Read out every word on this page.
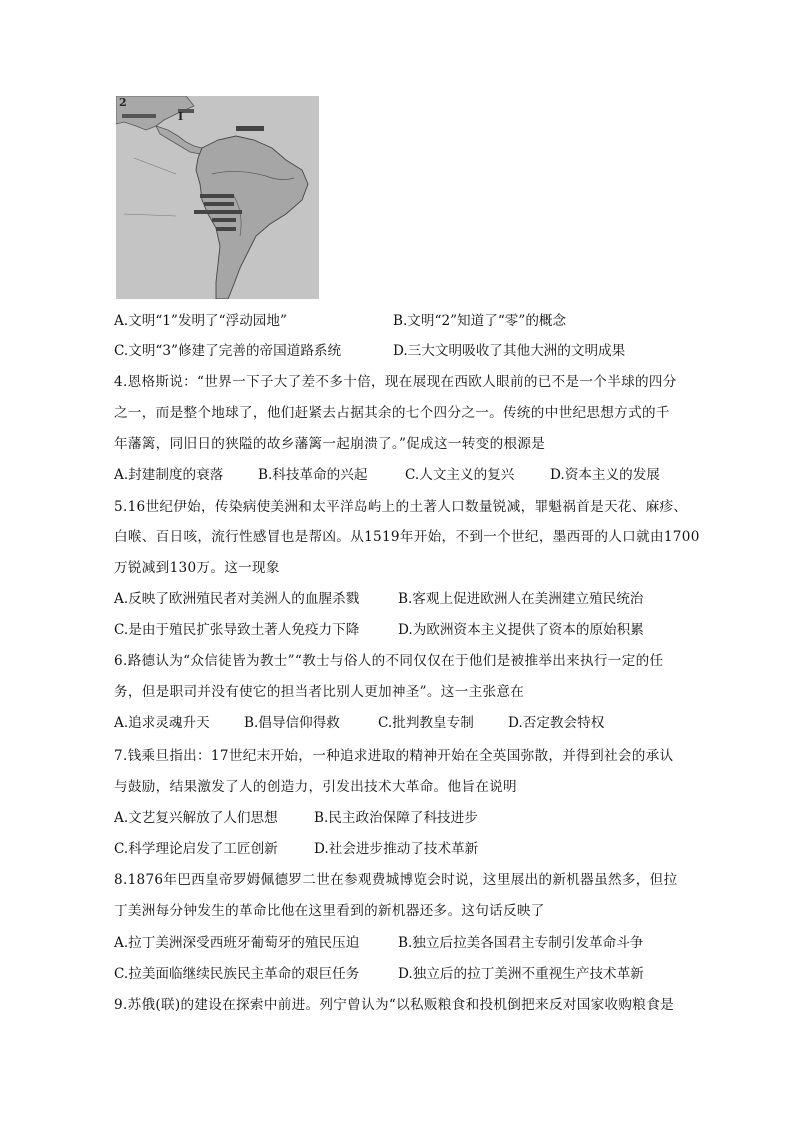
2
I
A.文明“1”发明了“浮动园地”	B.文明“2”知道了“零”的概念
C.文明“3”修建了完善的帝国道路系统	D.三大文明吸收了其他大洲的文明成果
4.恩格斯说：“世界一下子大了差不多十倍，现在展现在西欧人眼前的已不是一个半球的四分
之一，而是整个地球了，他们赶紧去占据其余的七个四分之一。传统的中世纪思想方式的千
年藩篱，同旧日的狭隘的故乡藩篱一起崩溃了。”促成这一转变的根源是
A.封建制度的衰落	B.科技革命的兴起	C.人文主义的复兴	D.资本主义的发展
5.16世纪伊始，传染病使美洲和太平洋岛屿上的土著人口数量锐减，罪魁祸首是天花、麻疹、
白喉、百日咳，流行性感冒也是帮凶。从1519年开始，不到一个世纪，墨西哥的人口就由1700
万锐减到130万。这一现象
A.反映了欧洲殖民者对美洲人的血腥杀戮	B.客观上促进欧洲人在美洲建立殖民统治
C.是由于殖民扩张导致土著人免疫力下降	D.为欧洲资本主义提供了资本的原始积累
6.路德认为“众信徒皆为教士”“教士与俗人的不同仅仅在于他们是被推举出来执行一定的任
务，但是职司并没有使它的担当者比别人更加神圣”。这一主张意在
A.追求灵魂升天	B.倡导信仰得救	C.批判教皇专制	D.否定教会特权
7.钱乘旦指出：17世纪末开始，一种追求进取的精神开始在全英国弥散，并得到社会的承认
与鼓励，结果激发了人的创造力，引发出技术大革命。他旨在说明
A.文艺复兴解放了人们思想	B.民主政治保障了科技进步
C.科学理论启发了工匠创新	D.社会进步推动了技术革新
8.1876年巴西皇帝罗姆佩德罗二世在参观费城博览会时说，这里展出的新机器虽然多，但拉
丁美洲每分钟发生的革命比他在这里看到的新机器还多。这句话反映了
A.拉丁美洲深受西班牙葡萄牙的殖民压迫	B.独立后拉美各国君主专制引发革命斗争
C.拉美面临继续民族民主革命的艰巨任务	D.独立后的拉丁美洲不重视生产技术革新
9.苏俄(联)的建设在探索中前进。列宁曾认为“以私贩粮食和投机倒把来反对国家收购粮食是
